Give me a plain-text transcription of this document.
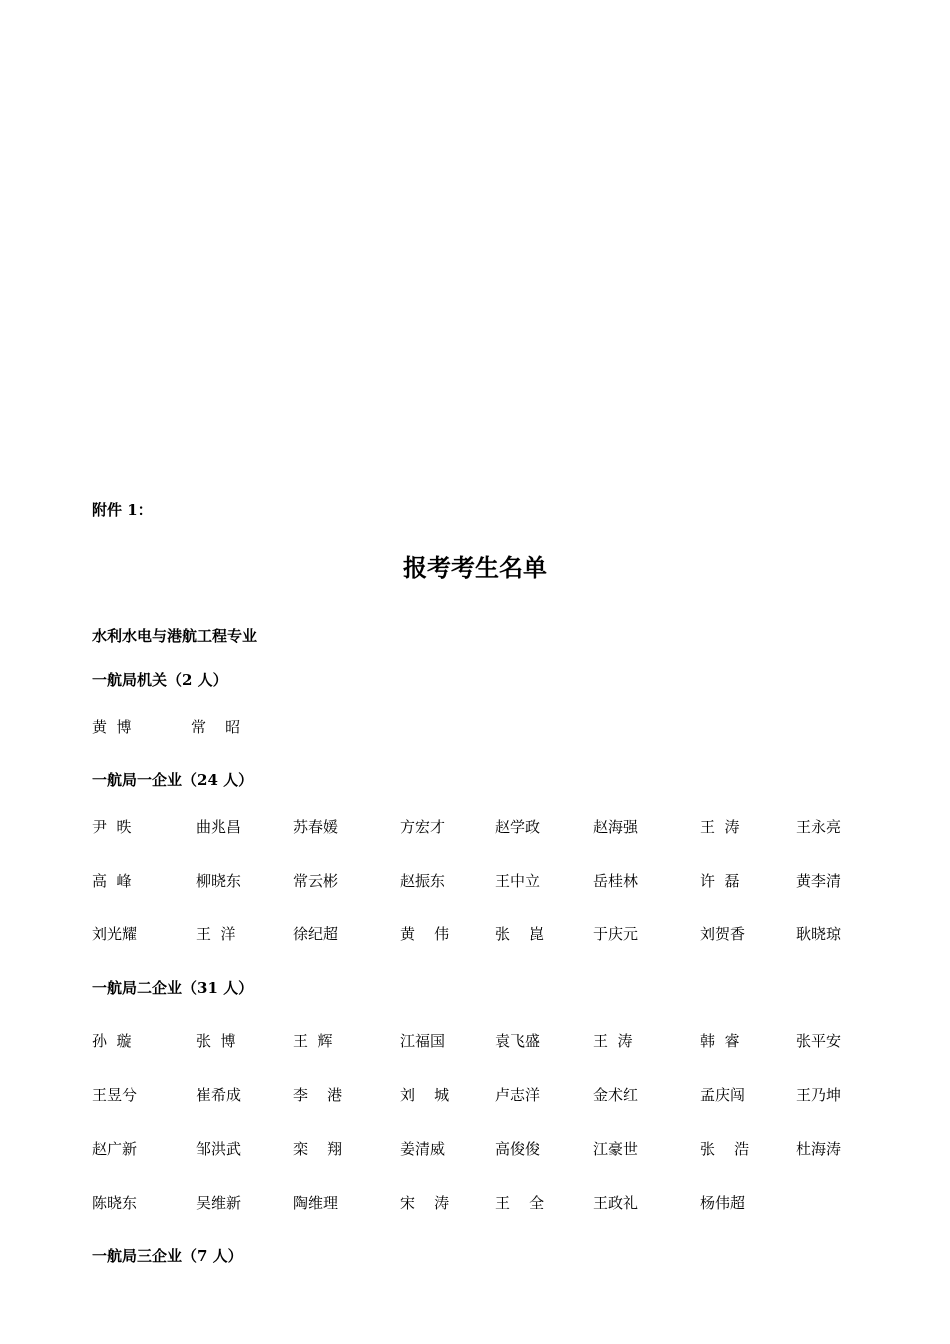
附件 1：
报考考生名单
水利水电与港航工程专业
一航局机关（2 人）
黄  博	常    昭
一航局一企业（24 人）
尹  昳	曲兆昌	苏春媛	方宏才	赵学政	赵海强	王  涛	王永亮
高  峰	柳晓东	常云彬	赵振东	王中立	岳桂林	许  磊	黄李清
刘光耀	王  洋	徐纪超	黄    伟	张    崑	于庆元	刘贺香	耿晓琼
一航局二企业（31 人）
孙  璇	张  博	王  辉	江福国	袁飞盛	王  涛	韩  睿	张平安
王昱兮	崔希成	李    港	刘    城	卢志洋	金术红	孟庆闯	王乃坤
赵广新	邹洪武	栾    翔	姜清威	高俊俊	江豪世	张    浩	杜海涛
陈晓东	吴维新	陶维理	宋    涛	王    全	王政礼	杨伟超
一航局三企业（7 人）
